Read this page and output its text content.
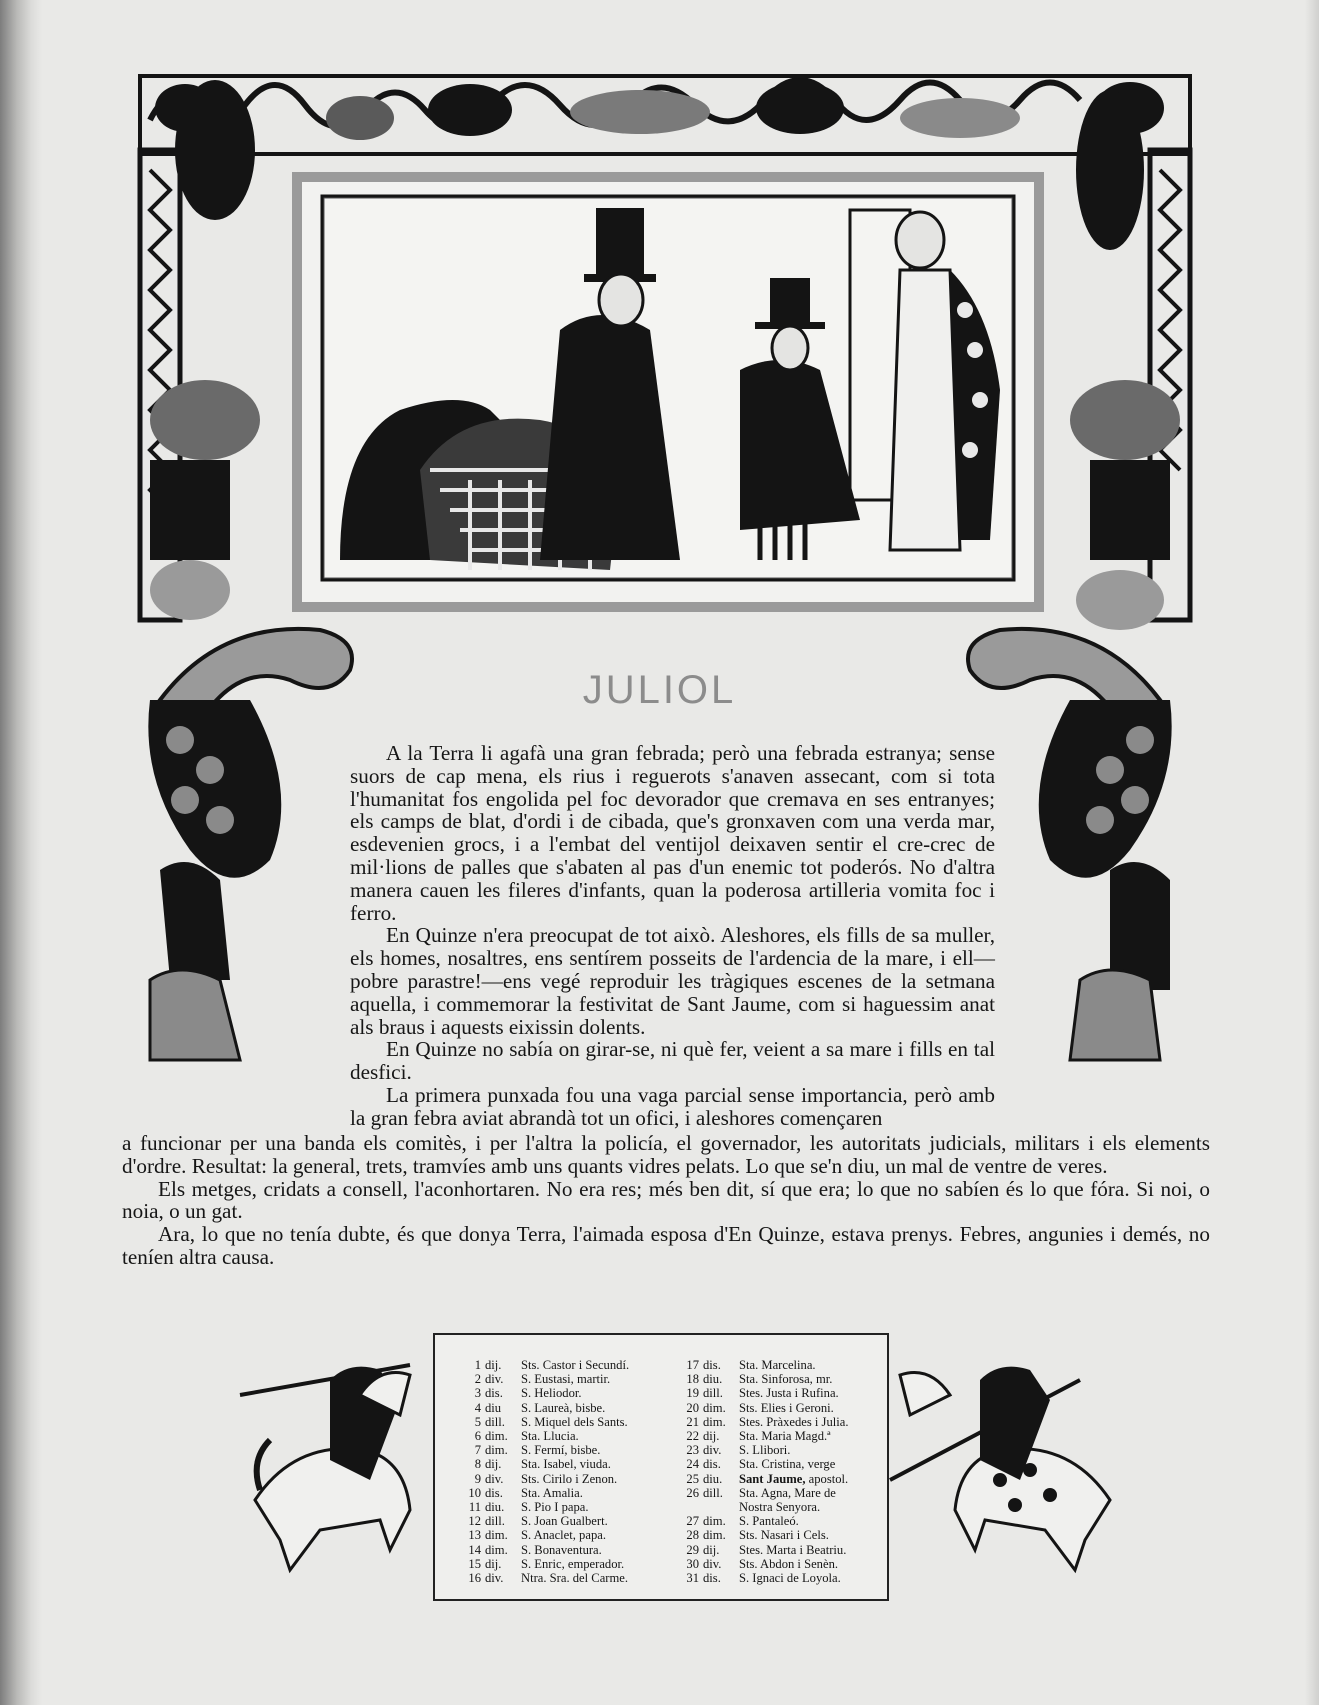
JULIOL

A la Terra li agafà una gran febrada; però una febrada estranya; sense suors de cap mena, els rius i reguerots s'anaven assecant, com si tota l'humanitat fos engolida pel foc devorador que cremava en ses entranyes; els camps de blat, d'ordi i de cibada, que's gronxaven com una verda mar, esdevenien grocs, i a l'embat del ventijol deixaven sentir el cre-crec de mil·lions de palles que s'abaten al pas d'un enemic tot poderós. No d'altra manera cauen les fileres d'infants, quan la poderosa artilleria vomita foc i ferro.

En Quinze n'era preocupat de tot això. Aleshores, els fills de sa muller, els homes, nosaltres, ens sentírem posseits de l'ardencia de la mare, i ell—pobre parastre!—ens vegé reproduir les tràgiques escenes de la setmana aquella, i commemorar la festivitat de Sant Jaume, com si haguessim anat als braus i aquests eixissin dolents.

En Quinze no sabía on girar-se, ni què fer, veient a sa mare i fills en tal desfici.

La primera punxada fou una vaga parcial sense importancia, però amb la gran febra aviat abrandà tot un ofici, i aleshores començaren

a funcionar per una banda els comitès, i per l'altra la policía, el governador, les autoritats judicials, militars i els elements d'ordre. Resultat: la general, trets, tramvíes amb uns quants vidres pelats. Lo que se'n diu, un mal de ventre de veres.

Els metges, cridats a consell, l'aconhortaren. No era res; més ben dit, sí que era; lo que no sabíen és lo que fóra. Si noi, o noia, o un gat.

Ara, lo que no tenía dubte, és que donya Terra, l'aimada esposa d'En Quinze, estava prenys. Febres, angunies i demés, no teníen altra causa.

1 dij.	Sts. Castor i Secundí.
2 div.	S. Eustasi, martir.
3 dis.	S. Heliodor.
4 diu	S. Laureà, bisbe.
5 dill.	S. Miquel dels Sants.
6 dim.	Sta. Llucia.
7 dim.	S. Fermí, bisbe.
8 dij.	Sta. Isabel, viuda.
9 div.	Sts. Cirilo i Zenon.
10 dis.	Sta. Amalia.
11 diu.	S. Pio I papa.
12 dill.	S. Joan Gualbert.
13 dim.	S. Anaclet, papa.
14 dim.	S. Bonaventura.
15 dij.	S. Enric, emperador.
16 div.	Ntra. Sra. del Carme.
17 dis.	Sta. Marcelina.
18 diu.	Sta. Sinforosa, mr.
19 dill.	Stes. Justa i Rufina.
20 dim.	Sts. Elies i Geroni.
21 dim.	Stes. Pràxedes i Julia.
22 dij.	Sta. Maria Magd.ª
23 div.	S. Llibori.
24 dis.	Sta. Cristina, verge
25 diu.	Sant Jaume, apostol.
26 dill.	Sta. Agna, Mare de
Nostra Senyora.
27 dim.	S. Pantaleó.
28 dim.	Sts. Nasari i Cels.
29 dij.	Stes. Marta i Beatriu.
30 div.	Sts. Abdon i Senèn.
31 dis.	S. Ignaci de Loyola.
